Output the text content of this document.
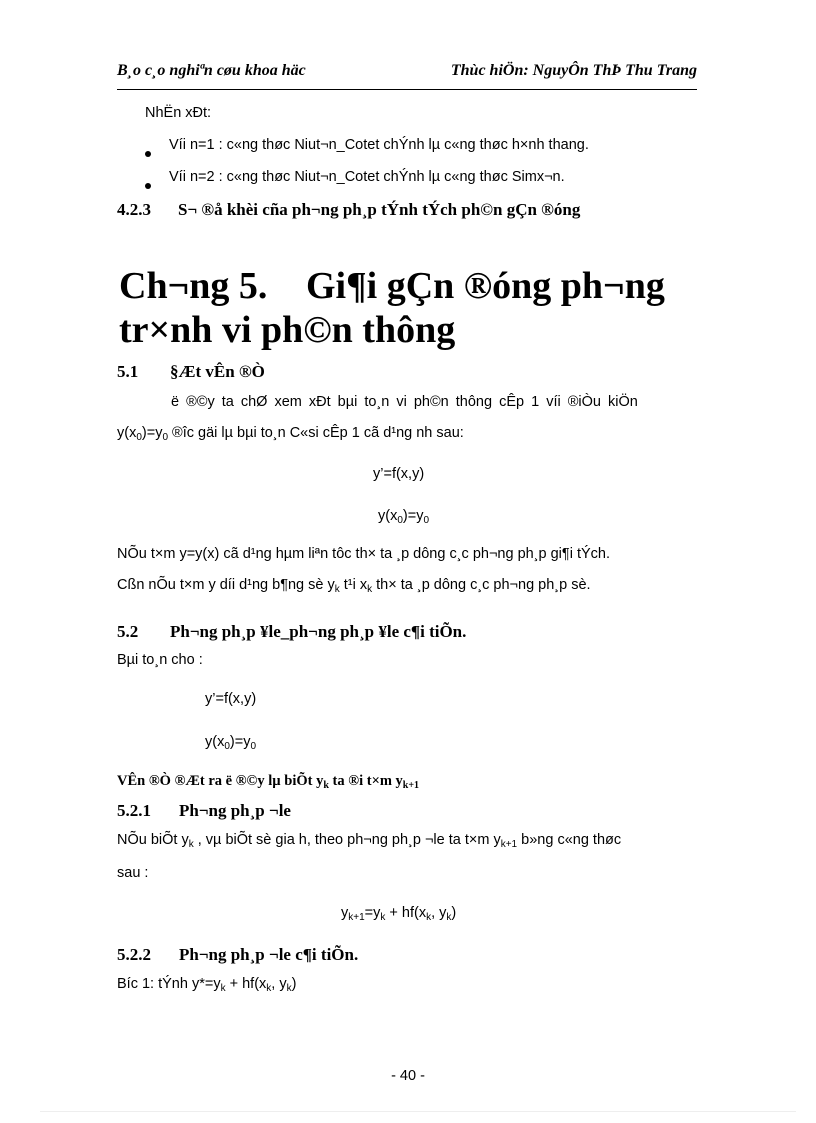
B¸o c¸o nghiªn cøu khoa häc	Thùc hiÖn: NguyÔn ThÞ Thu Trang
NhËn xÐt:
Víi n=1 : c«ng thøc Niut¬n_Cotet chÝnh lµ c«ng thøc h×nh thang.
Víi n=2 : c«ng thøc Niut¬n_Cotet chÝnh lµ c«ng thøc Simx¬n.
4.2.3 S¬ ®å khèi cña ph¬ng ph¸p tÝnh tÝch ph©n gÇn ®óng
Ch¬ng 5. Gi¶i gÇn ®óng ph¬ng
tr×nh vi ph©n thông
5.1 §Æt vÊn ®Ò
ë ®©y ta chØ xem xÐt bµi to¸n vi ph©n thông cÊp 1 víi ®iÒu kiÖn
$y(x_0)=y_0$ ®îc gäi lµ bµi to¸n C«si cÊp 1 cã d¹ng nh sau:
y’=f(x,y)
$y(x_0)=y_0$
NÕu t×m y=y(x) cã d¹ng hµm liªn tôc th× ta ¸p dông c¸c ph¬ng ph¸p gi¶i tÝch.
Cßn nÕu t×m y díi d¹ng b¶ng sè $y_k$ t¹i $x_k$ th× ta ¸p dông c¸c ph¬ng ph¸p sè.
5.2 Ph¬ng ph¸p ¥le_ph¬ng ph¸p ¥le c¶i tiÕn.
Bµi to¸n cho :
y’=f(x,y)
$y(x_0)=y_0$
VÊn ®Ò ®Æt ra ë ®©y lµ biÕt $y_k$ ta ®i t×m $y_{k+1}$
5.2.1 Ph¬ng ph¸p ¬le
NÕu biÕt $y_k$ , vµ biÕt sè gia h, theo ph¬ng ph¸p ¬le ta t×m $y_{k+1}$ b»ng c«ng thøc
sau :
$y_{k+1}=y_k + hf(x_k$, $y_k$)
5.2.2 Ph¬ng ph¸p ¬le c¶i tiÕn.
Bíc 1: tÝnh $y*=y_k + hf(x_k$, $y_k$)
- 40 -
